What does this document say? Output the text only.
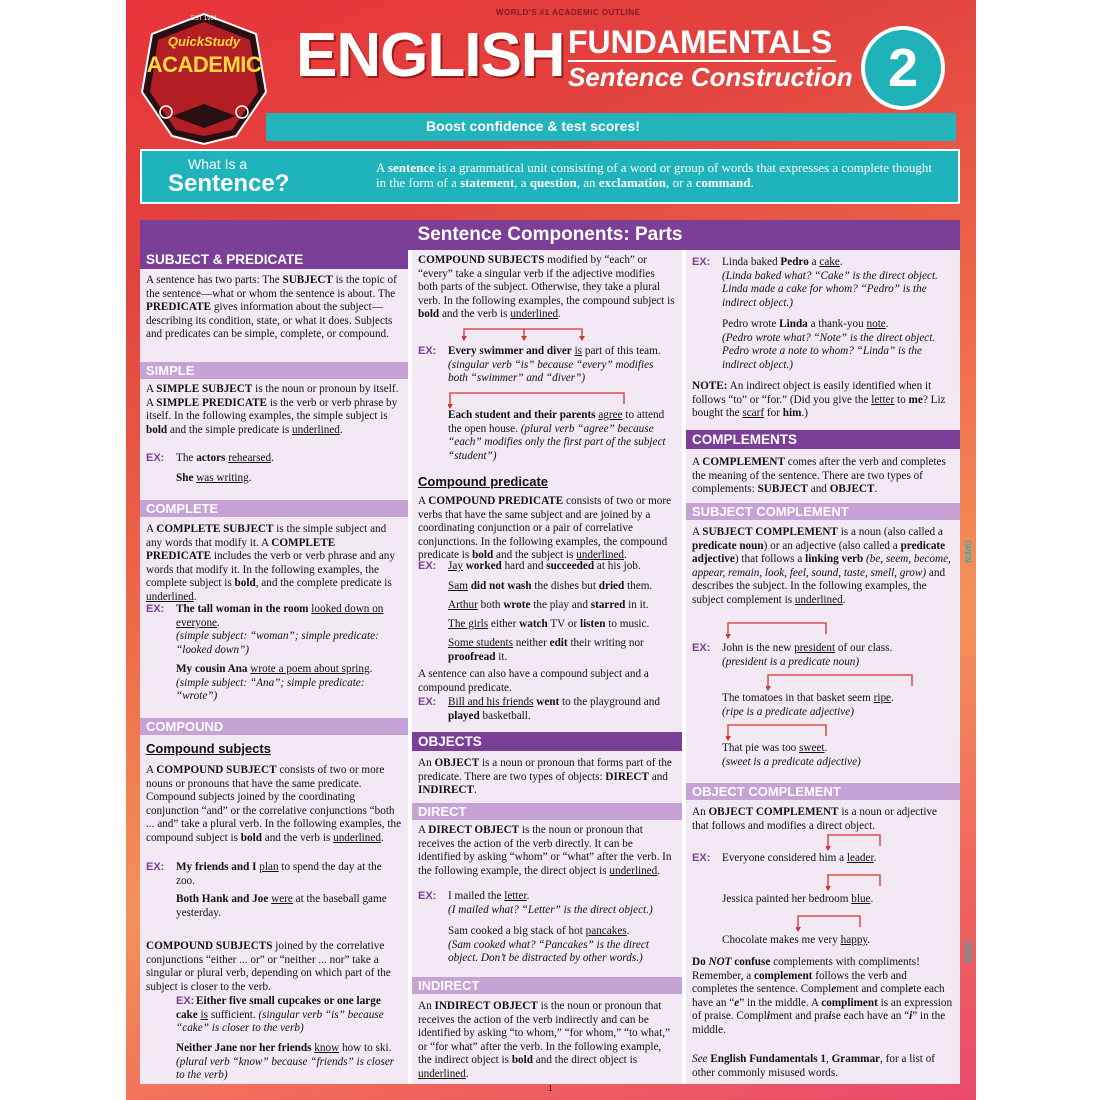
WORLD'S #1 ACADEMIC OUTLINE
EST 1991
QuickStudy
ACADEMIC ENGLISH FUNDAMENTALS
Sentence Construction 2
Boost confidence & test scores!
What Is a
Sentence?
A sentence is a grammatical unit consisting of a word or group of words that expresses a complete thought in the form of a statement, a question, an exclamation, or a command.
Sentence Components: Parts
SUBJECT & PREDICATE

A sentence has two parts: The SUBJECT is the topic of the sentence—what or whom the sentence is about. The PREDICATE gives information about the subject—describing its condition, state, or what it does. Subjects and predicates can be simple, complete, or compound.

SIMPLE

A SIMPLE SUBJECT is the noun or pronoun by itself. A SIMPLE PREDICATE is the verb or verb phrase by itself. In the following examples, the simple subject is bold and the simple predicate is underlined.

EX: The actors rehearsed.

She was writing.

COMPLETE

A COMPLETE SUBJECT is the simple subject and any words that modify it. A COMPLETE PREDICATE includes the verb or verb phrase and any words that modify it. In the following examples, the complete subject is bold, and the complete predicate is underlined.

EX: The tall woman in the room looked down on everyone.
(simple subject: “woman”; simple predicate: “looked down”)

My cousin Ana wrote a poem about spring.
(simple subject: “Ana”; simple predicate: “wrote”)

COMPOUND
Compound subjects

A COMPOUND SUBJECT consists of two or more nouns or pronouns that have the same predicate. Compound subjects joined by the coordinating conjunction “and” or the correlative conjunctions “both ... and” take a plural verb. In the following examples, the compound subject is bold and the verb is underlined.

EX: My friends and I plan to spend the day at the zoo.

Both Hank and Joe were at the baseball game yesterday.

COMPOUND SUBJECTS joined by the correlative conjunctions “either ... or” or “neither ... nor” take a singular or plural verb, depending on which part of the subject is closer to the verb.

EX: Either five small cupcakes or one large cake is sufficient. (singular verb “is” because “cake” is closer to the verb)

Neither Jane nor her friends know how to ski. (plural verb “know” because “friends” is closer to the verb)

COMPOUND SUBJECTS modified by “each” or “every” take a singular verb if the adjective modifies both parts of the subject. Otherwise, they take a plural verb. In the following examples, the compound subject is bold and the verb is underlined.

EX: Every swimmer and diver is part of this team. (singular verb “is” because “every” modifies both “swimmer” and “diver”)

Each student and their parents agree to attend the open house. (plural verb “agree” because “each” modifies only the first part of the subject “student”)

Compound predicate

A COMPOUND PREDICATE consists of two or more verbs that have the same subject and are joined by a coordinating conjunction or a pair of correlative conjunctions. In the following examples, the compound predicate is bold and the subject is underlined.

EX: Jay worked hard and succeeded at his job.

Sam did not wash the dishes but dried them.

Arthur both wrote the play and starred in it.

The girls either watch TV or listen to music.

Some students neither edit their writing nor proofread it.

A sentence can also have a compound subject and a compound predicate.

EX: Bill and his friends went to the playground and played basketball.

OBJECTS

An OBJECT is a noun or pronoun that forms part of the predicate. There are two types of objects: DIRECT and INDIRECT.

DIRECT

A DIRECT OBJECT is the noun or pronoun that receives the action of the verb directly. It can be identified by asking “whom” or “what” after the verb. In the following example, the direct object is underlined.

EX: I mailed the letter.
(I mailed what? “Letter” is the direct object.)

Sam cooked a big stack of hot pancakes.
(Sam cooked what? “Pancakes” is the direct object. Don’t be distracted by other words.)

INDIRECT

An INDIRECT OBJECT is the noun or pronoun that receives the action of the verb indirectly and can be identified by asking “to whom,” “for whom,” “to what,” or “for what” after the verb. In the following example, the indirect object is bold and the direct object is underlined.

EX: Linda baked Pedro a cake.
(Linda baked what? “Cake” is the direct object. Linda made a cake for whom? “Pedro” is the indirect object.)

Pedro wrote Linda a thank-you note.
(Pedro wrote what? “Note” is the direct object. Pedro wrote a note to whom? “Linda” is the indirect object.)

NOTE: An indirect object is easily identified when it follows “to” or “for.” (Did you give the letter to me? Liz bought the scarf for him.)

COMPLEMENTS

A COMPLEMENT comes after the verb and completes the meaning of the sentence. There are two types of complements: SUBJECT and OBJECT.

SUBJECT COMPLEMENT

A SUBJECT COMPLEMENT is a noun (also called a predicate noun) or an adjective (also called a predicate adjective) that follows a linking verb (be, seem, become, appear, remain, look, feel, sound, taste, smell, grow) and describes the subject. In the following examples, the subject complement is underlined.

EX: John is the new president of our class.
(president is a predicate noun)

The tomatoes in that basket seem ripe.
(ripe is a predicate adjective)

That pie was too sweet.
(sweet is a predicate adjective)

OBJECT COMPLEMENT

An OBJECT COMPLEMENT is a noun or adjective that follows and modifies a direct object.

EX: Everyone considered him a leader.

Jessica painted her bedroom blue.

Chocolate makes me very happy.

Do NOT confuse complements with compliments! Remember, a complement follows the verb and completes the sentence. Complement and complete each have an “e” in the middle. A compliment is an expression of praise. Compliment and praise each have an “i” in the middle.

See English Fundamentals 1, Grammar, for a list of other commonly misused words.

1
OPEN
OPEN
